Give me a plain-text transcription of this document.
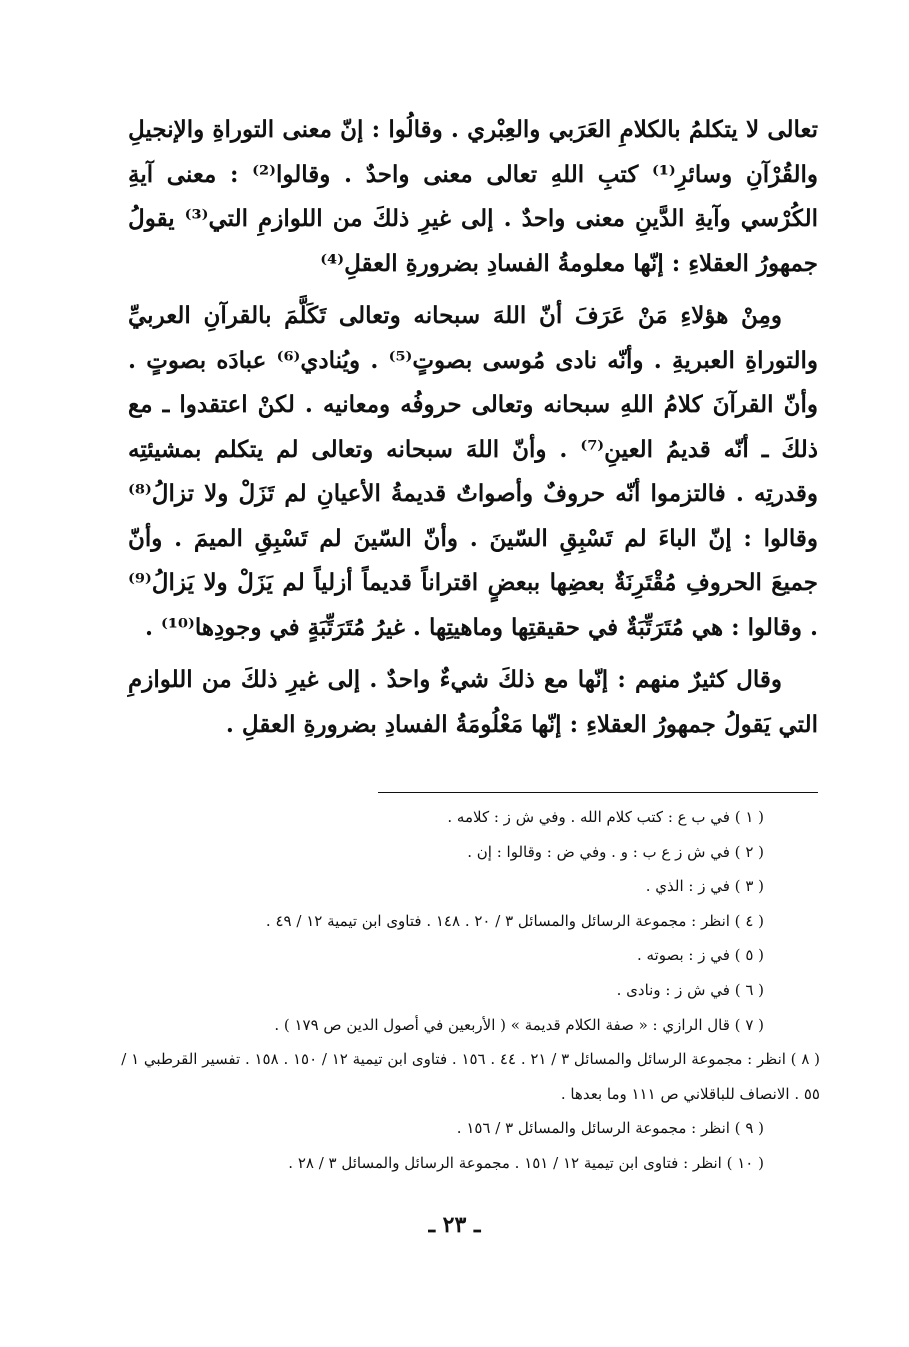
تعالى لا يتكلمُ بالكلامِ العَرَبي والعِبْري . وقالُوا : إنّ معنى التوراةِ والإنجيلِ والقُرْآنِ وسائرِ⁽¹⁾ كتبِ اللهِ تعالى معنى واحدٌ . وقالوا⁽²⁾ : معنى آيةِ الكُرْسي وآيةِ الدَّينِ معنى واحدٌ . إلى غيرِ ذلكَ من اللوازمِ التي⁽³⁾ يقولُ جمهورُ العقلاءِ : إنّها معلومةُ الفسادِ بضرورةِ العقلِ⁽⁴⁾

ومِنْ هؤلاءِ مَنْ عَرَفَ أنّ اللهَ سبحانه وتعالى تَكَلَّمَ بالقرآنِ العربيِّ والتوراةِ العبريةِ . وأنّه نادى مُوسى بصوتٍ⁽⁵⁾ . ويُنادي⁽⁶⁾ عبادَه بصوتٍ . وأنّ القرآنَ كلامُ اللهِ سبحانه وتعالى حروفُه ومعانيه . لكنْ اعتقدوا ـ مع ذلكَ ـ أنّه قديمُ العينِ⁽⁷⁾ . وأنّ اللهَ سبحانه وتعالى لم يتكلم بمشيئتِه وقدرتِه . فالتزموا أنّه حروفٌ وأصواتٌ قديمةُ الأعيانِ لم تَزَلْ ولا تزالُ⁽⁸⁾ وقالوا : إنّ الباءَ لم تَسْبِقِ السّينَ . وأنّ السّينَ لم تَسْبِقِ الميمَ . وأنّ جميعَ الحروفِ مُقْتَرِنَةٌ بعضِها ببعضٍ اقتراناً قديماً أزلياً لم يَزَلْ ولا يَزالُ⁽⁹⁾ . وقالوا : هي مُتَرَتِّبَةٌ في حقيقتِها وماهيتِها . غيرُ مُتَرَتِّبَةٍ في وجودِها⁽¹⁰⁾ .

وقال كثيرٌ منهم : إنّها مع ذلكَ شيءٌ واحدٌ . إلى غيرِ ذلكَ من اللوازمِ التي يَقولُ جمهورُ العقلاءِ : إنّها مَعْلُومَةُ الفسادِ بضرورةِ العقلِ .

( ١ ) في ب ع : كتب كلام الله . وفي ش ز : كلامه .
( ٢ ) في ش ز ع ب : و . وفي ض : وقالوا : إن .
( ٣ ) في ز : الذي .
( ٤ ) انظر : مجموعة الرسائل والمسائل ٣ / ٢٠ . ١٤٨ . فتاوى ابن تيمية ١٢ / ٤٩ .
( ٥ ) في ز : بصوته .
( ٦ ) في ش ز : ونادى .
( ٧ ) قال الرازي : « صفة الكلام قديمة » ( الأربعين في أصول الدين ص ١٧٩ ) .
( ٨ ) انظر : مجموعة الرسائل والمسائل ٣ / ٢١ . ٤٤ . ١٥٦ . فتاوى ابن تيمية ١٢ / ١٥٠ . ١٥٨ . تفسير القرطبي ١ / ٥٥ . الانصاف للباقلاني ص ١١١ وما بعدها .
( ٩ ) انظر : مجموعة الرسائل والمسائل ٣ / ١٥٦ .
( ١٠ ) انظر : فتاوى ابن تيمية ١٢ / ١٥١ . مجموعة الرسائل والمسائل ٣ / ٢٨ .
ـ ٢٣ ـ
